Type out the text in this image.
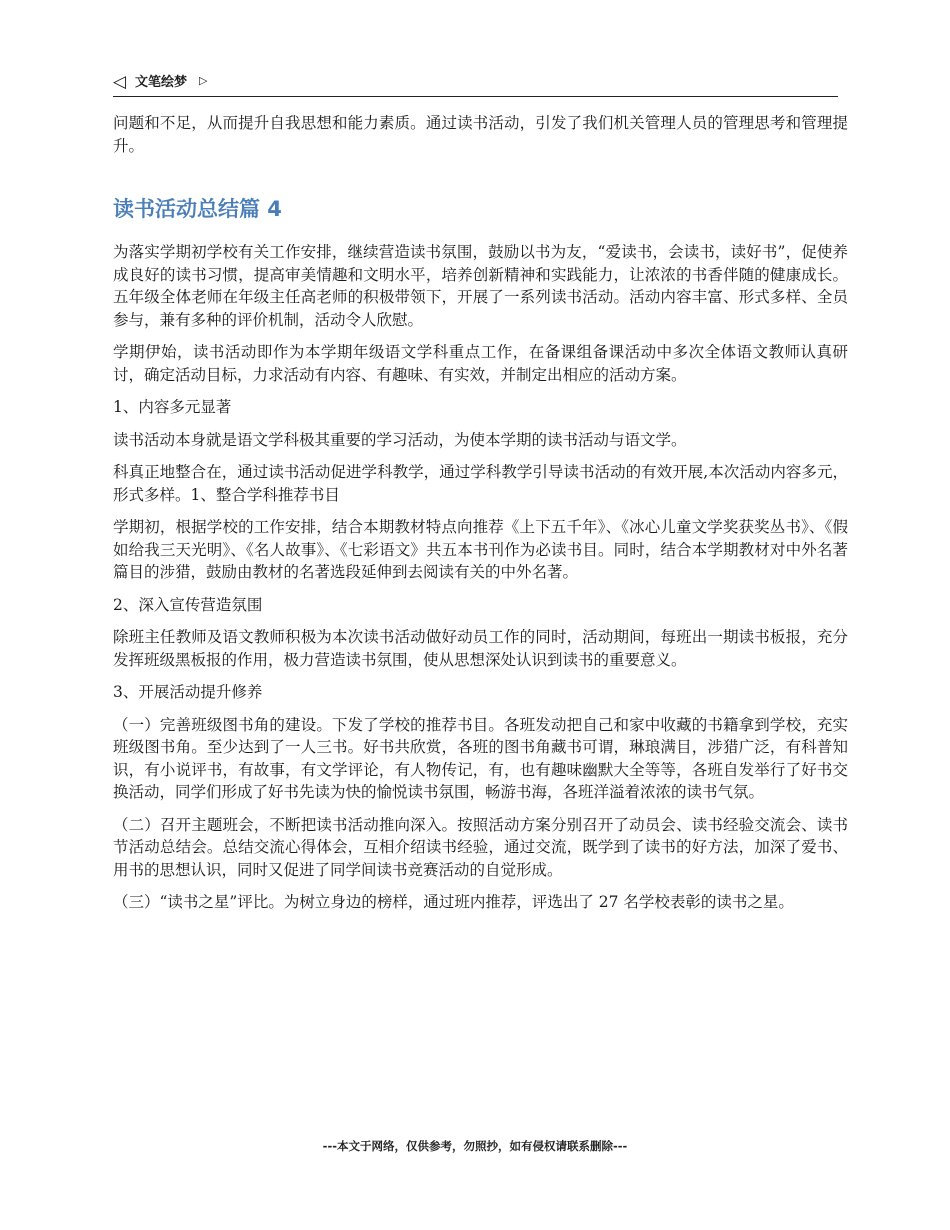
◁ 文笔绘梦 ▷

问题和不足，从而提升自我思想和能力素质。通过读书活动，引发了我们机关管理人员的管理思考和管理提升。

读书活动总结篇 4

为落实学期初学校有关工作安排，继续营造读书氛围，鼓励以书为友，“爱读书，会读书，读好书”，促使养成良好的读书习惯，提高审美情趣和文明水平，培养创新精神和实践能力，让浓浓的书香伴随的健康成长。五年级全体老师在年级主任高老师的积极带领下，开展了一系列读书活动。活动内容丰富、形式多样、全员参与，兼有多种的评价机制，活动令人欣慰。

学期伊始，读书活动即作为本学期年级语文学科重点工作，在备课组备课活动中多次全体语文教师认真研讨，确定活动目标，力求活动有内容、有趣味、有实效，并制定出相应的活动方案。

1、内容多元显著

读书活动本身就是语文学科极其重要的学习活动，为使本学期的读书活动与语文学。

科真正地整合在，通过读书活动促进学科教学，通过学科教学引导读书活动的有效开展,本次活动内容多元，形式多样。1、整合学科推荐书目

学期初，根据学校的工作安排，结合本期教材特点向推荐《上下五千年》、《冰心儿童文学奖获奖丛书》、《假如给我三天光明》、《名人故事》、《七彩语文》共五本书刊作为必读书目。同时，结合本学期教材对中外名著篇目的涉猎，鼓励由教材的名著选段延伸到去阅读有关的中外名著。

2、深入宣传营造氛围

除班主任教师及语文教师积极为本次读书活动做好动员工作的同时，活动期间，每班出一期读书板报，充分发挥班级黑板报的作用，极力营造读书氛围，使从思想深处认识到读书的重要意义。

3、开展活动提升修养

（一）完善班级图书角的建设。下发了学校的推荐书目。各班发动把自己和家中收藏的书籍拿到学校，充实班级图书角。至少达到了一人三书。好书共欣赏，各班的图书角藏书可谓，琳琅满目，涉猎广泛，有科普知识，有小说评书，有故事，有文学评论，有人物传记，有，也有趣味幽默大全等等，各班自发举行了好书交换活动，同学们形成了好书先读为快的愉悦读书氛围，畅游书海，各班洋溢着浓浓的读书气氛。

（二）召开主题班会，不断把读书活动推向深入。按照活动方案分别召开了动员会、读书经验交流会、读书节活动总结会。总结交流心得体会，互相介绍读书经验，通过交流，既学到了读书的好方法，加深了爱书、用书的思想认识，同时又促进了同学间读书竞赛活动的自觉形成。

（三）“读书之星”评比。为树立身边的榜样，通过班内推荐，评选出了 27 名学校表彰的读书之星。

---本文于网络，仅供参考，勿照抄，如有侵权请联系删除---
